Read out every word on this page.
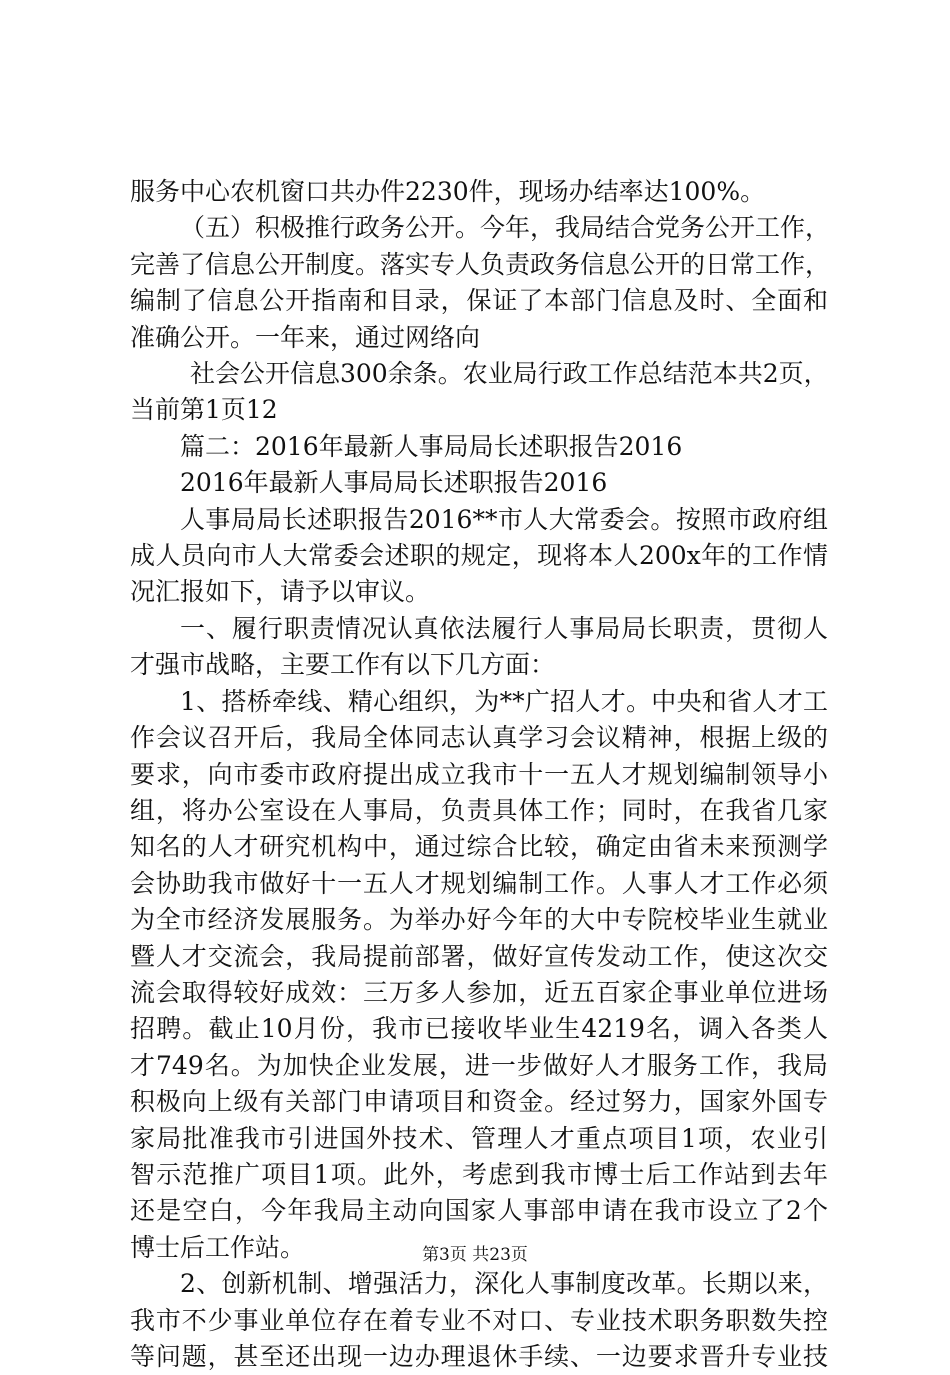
服务中心农机窗口共办件2230件，现场办结率达100%。
（五）积极推行政务公开。今年，我局结合党务公开工作，
完善了信息公开制度。落实专人负责政务信息公开的日常工作，
编制了信息公开指南和目录，保证了本部门信息及时、全面和
准确公开。一年来，通过网络向
社会公开信息300余条。农业局行政工作总结范本共2页，
当前第1页12
篇二：2016年最新人事局局长述职报告2016
2016年最新人事局局长述职报告2016
人事局局长述职报告2016**市人大常委会。按照市政府组
成人员向市人大常委会述职的规定，现将本人200x年的工作情
况汇报如下，请予以审议。
一、履行职责情况认真依法履行人事局局长职责，贯彻人
才强市战略，主要工作有以下几方面：
1、搭桥牵线、精心组织，为**广招人才。中央和省人才工
作会议召开后，我局全体同志认真学习会议精神，根据上级的
要求，向市委市政府提出成立我市十一五人才规划编制领导小
组，将办公室设在人事局，负责具体工作；同时，在我省几家
知名的人才研究机构中，通过综合比较，确定由省未来预测学
会协助我市做好十一五人才规划编制工作。人事人才工作必须
为全市经济发展服务。为举办好今年的大中专院校毕业生就业
暨人才交流会，我局提前部署，做好宣传发动工作，使这次交
流会取得较好成效：三万多人参加，近五百家企事业单位进场
招聘。截止10月份，我市已接收毕业生4219名，调入各类人
才749名。为加快企业发展，进一步做好人才服务工作，我局
积极向上级有关部门申请项目和资金。经过努力，国家外国专
家局批准我市引进国外技术、管理人才重点项目1项，农业引
智示范推广项目1项。此外，考虑到我市博士后工作站到去年
还是空白，今年我局主动向国家人事部申请在我市设立了2个
博士后工作站。
2、创新机制、增强活力，深化人事制度改革。长期以来，
我市不少事业单位存在着专业不对口、专业技术职务职数失控
等问题，甚至还出现一边办理退休手续、一边要求晋升专业技
第3页 共23页
